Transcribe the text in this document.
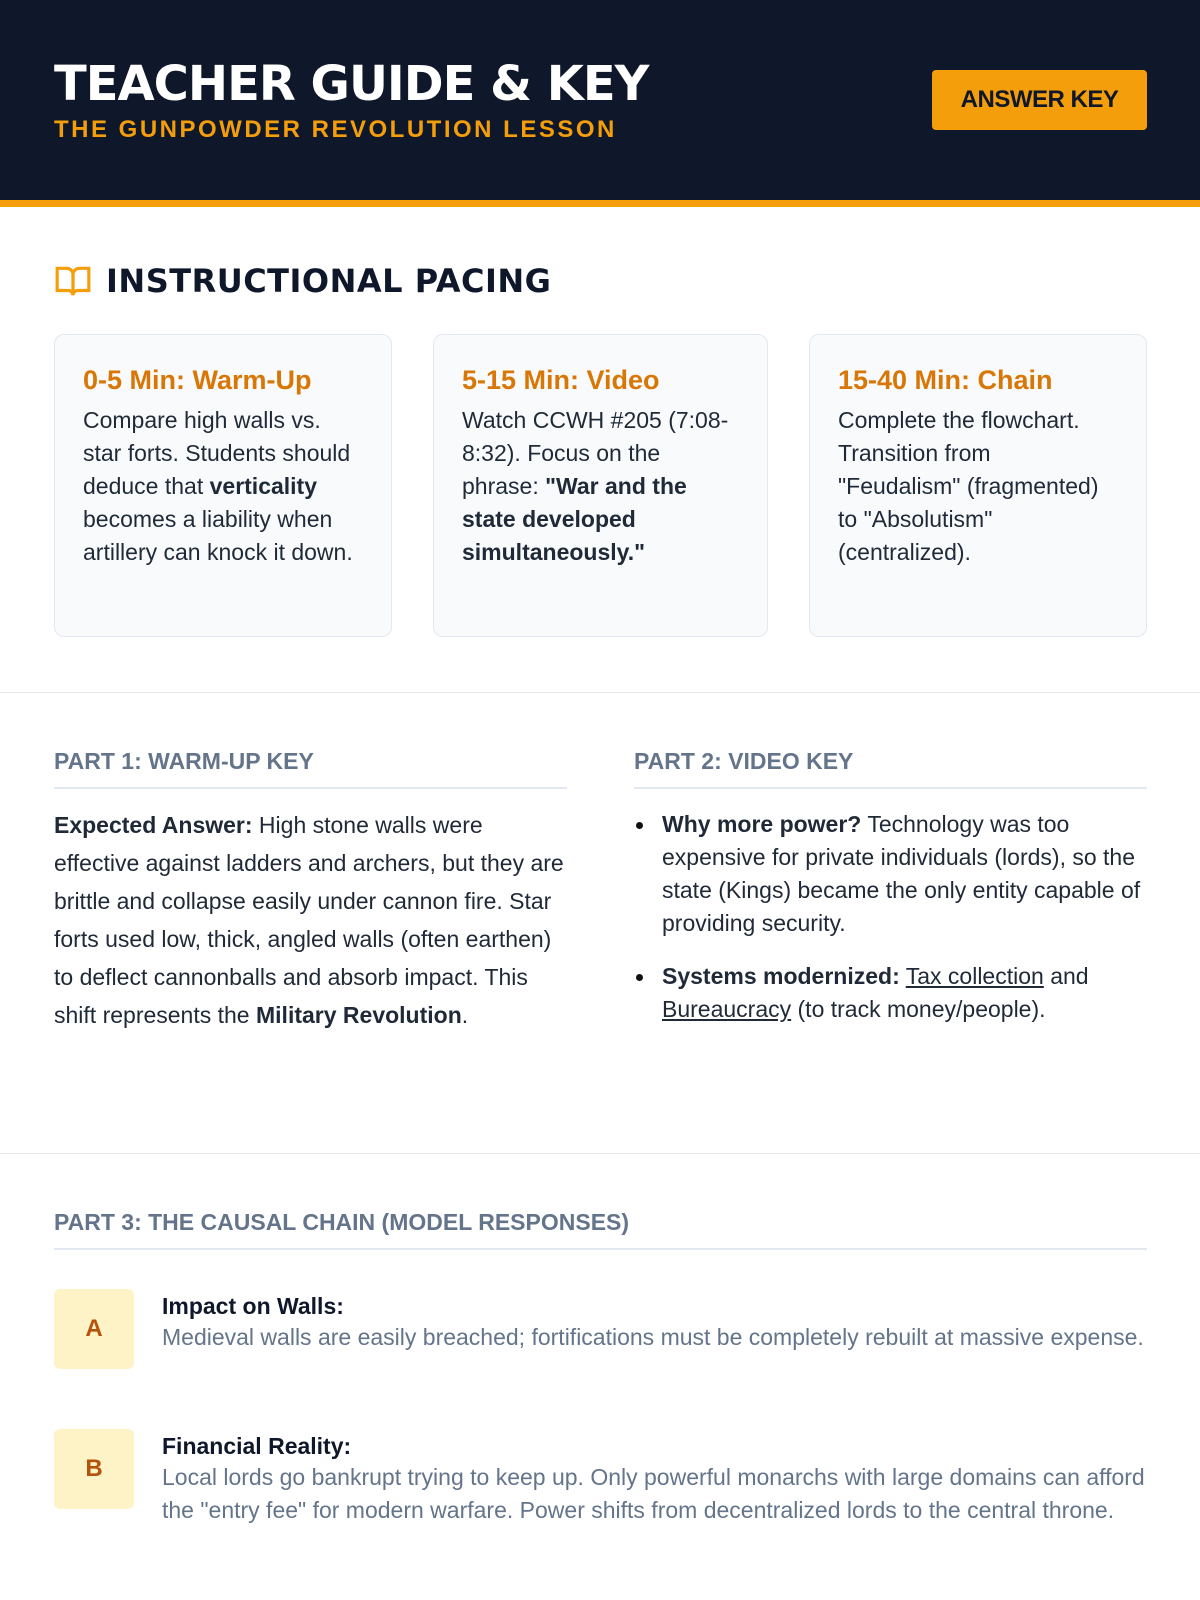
TEACHER GUIDE & KEY
THE GUNPOWDER REVOLUTION LESSON
ANSWER KEY
INSTRUCTIONAL PACING
0-5 Min: Warm-Up

Compare high walls vs. star forts. Students should deduce that verticality becomes a liability when artillery can knock it down.

5-15 Min: Video

Watch CCWH #205 (7:08-8:32). Focus on the phrase: "War and the state developed simultaneously."

15-40 Min: Chain

Complete the flowchart. Transition from "Feudalism" (fragmented) to "Absolutism" (centralized).

PART 1: WARM-UP KEY
Expected Answer: High stone walls were effective against ladders and archers, but they are brittle and collapse easily under cannon fire. Star forts used low, thick, angled walls (often earthen) to deflect cannonballs and absorb impact. This shift represents the Military Revolution.
PART 2: VIDEO KEY
Why more power? Technology was too expensive for private individuals (lords), so the state (Kings) became the only entity capable of providing security.
Systems modernized: Tax collection and Bureaucracy (to track money/people).
PART 3: THE CAUSAL CHAIN (MODEL RESPONSES)
A
Impact on Walls:

Medieval walls are easily breached; fortifications must be completely rebuilt at massive expense.

B
Financial Reality:

Local lords go bankrupt trying to keep up. Only powerful monarchs with large domains can afford the "entry fee" for modern warfare. Power shifts from decentralized lords to the central throne.
